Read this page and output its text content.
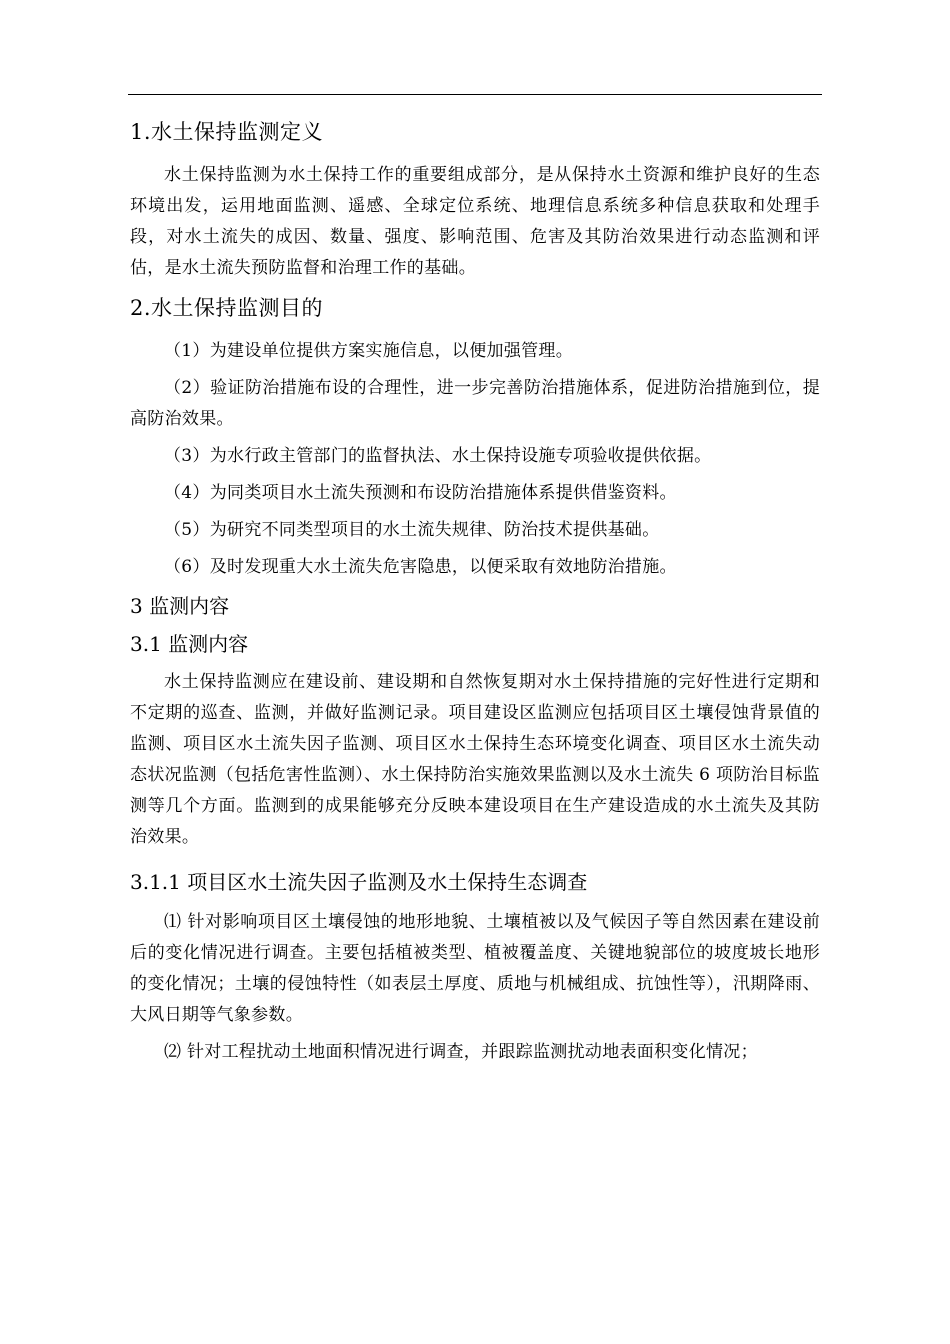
1.水土保持监测定义

水土保持监测为水土保持工作的重要组成部分，是从保持水土资源和维护良好的生态环境出发，运用地面监测、遥感、全球定位系统、地理信息系统多种信息获取和处理手段，对水土流失的成因、数量、强度、影响范围、危害及其防治效果进行动态监测和评估，是水土流失预防监督和治理工作的基础。

2.水土保持监测目的

（1）为建设单位提供方案实施信息，以便加强管理。

（2）验证防治措施布设的合理性，进一步完善防治措施体系，促进防治措施到位，提高防治效果。

（3）为水行政主管部门的监督执法、水土保持设施专项验收提供依据。

（4）为同类项目水土流失预测和布设防治措施体系提供借鉴资料。

（5）为研究不同类型项目的水土流失规律、防治技术提供基础。

（6）及时发现重大水土流失危害隐患，以便采取有效地防治措施。

3 监测内容
3.1 监测内容

水土保持监测应在建设前、建设期和自然恢复期对水土保持措施的完好性进行定期和不定期的巡查、监测，并做好监测记录。项目建设区监测应包括项目区土壤侵蚀背景值的监测、项目区水土流失因子监测、项目区水土保持生态环境变化调查、项目区水土流失动态状况监测（包括危害性监测）、水土保持防治实施效果监测以及水土流失 6 项防治目标监测等几个方面。监测到的成果能够充分反映本建设项目在生产建设造成的水土流失及其防治效果。

3.1.1 项目区水土流失因子监测及水土保持生态调查

⑴ 针对影响项目区土壤侵蚀的地形地貌、土壤植被以及气候因子等自然因素在建设前后的变化情况进行调查。主要包括植被类型、植被覆盖度、关键地貌部位的坡度坡长地形的变化情况；土壤的侵蚀特性（如表层土厚度、质地与机械组成、抗蚀性等），汛期降雨、大风日期等气象参数。

⑵ 针对工程扰动土地面积情况进行调查，并跟踪监测扰动地表面积变化情况；
